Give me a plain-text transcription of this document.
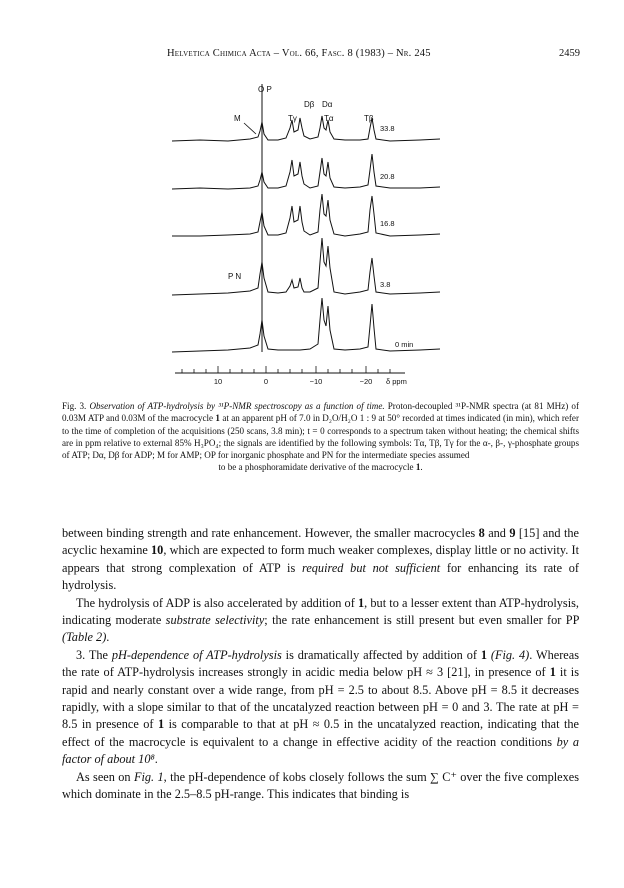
Helvetica Chimica Acta – Vol. 66, Fasc. 8 (1983) – Nr. 245	2459
O P
Dβ Dα
M	Tγ	Tα	Tβ
P N
33.8
20.8
16.8
3.8
0 min
10	0	−10	−20 δ ppm
Fig. 3. Observation of ATP-hydrolysis by ³¹P-NMR spectroscopy as a function of time. Proton-decoupled ³¹P-NMR spectra (at 81 MHz) of 0.03M ATP and 0.03M of the macrocycle 1 at an apparent pH of 7.0 in D₂O/H₂O 1 : 9 at 50° recorded at times indicated (in min), which refer to the time of completion of the acquisitions (250 scans, 3.8 min); t = 0 corresponds to a spectrum taken without heating; the chemical shifts are in ppm relative to external 85% H₃PO₄; the signals are identified by the following symbols: Tα, Tβ, Tγ for the α-, β-, γ-phosphate groups of ATP; Dα, Dβ for ADP; M for AMP; OP for inorganic phosphate and PN for the intermediate species assumed
to be a phosphoramidate derivative of the macrocycle 1.

between binding strength and rate enhancement. However, the smaller macrocycles 8 and 9 [15] and the acyclic hexamine 10, which are expected to form much weaker complexes, display little or no activity. It appears that strong complexation of ATP is required but not sufficient for enhancing its rate of hydrolysis.

The hydrolysis of ADP is also accelerated by addition of 1, but to a lesser extent than ATP-hydrolysis, indicating moderate substrate selectivity; the rate enhancement is still present but even smaller for PP (Table 2).

3. The pH-dependence of ATP-hydrolysis is dramatically affected by addition of 1 (Fig. 4). Whereas the rate of ATP-hydrolysis increases strongly in acidic media below pH ≈ 3 [21], in presence of 1 it is rapid and nearly constant over a wide range, from pH = 2.5 to about 8.5. Above pH = 8.5 it decreases rapidly, with a slope similar to that of the uncatalyzed reaction between pH = 0 and 3. The rate at pH = 8.5 in presence of 1 is comparable to that at pH ≈ 0.5 in the uncatalyzed reaction, indicating that the effect of the macrocycle is equivalent to a change in effective acidity of the reaction conditions by a factor of about 10⁸.

As seen on Fig. 1, the pH-dependence of kobs closely follows the sum ∑ C⁺ over the five complexes which dominate in the 2.5–8.5 pH-range. This indicates that binding is
